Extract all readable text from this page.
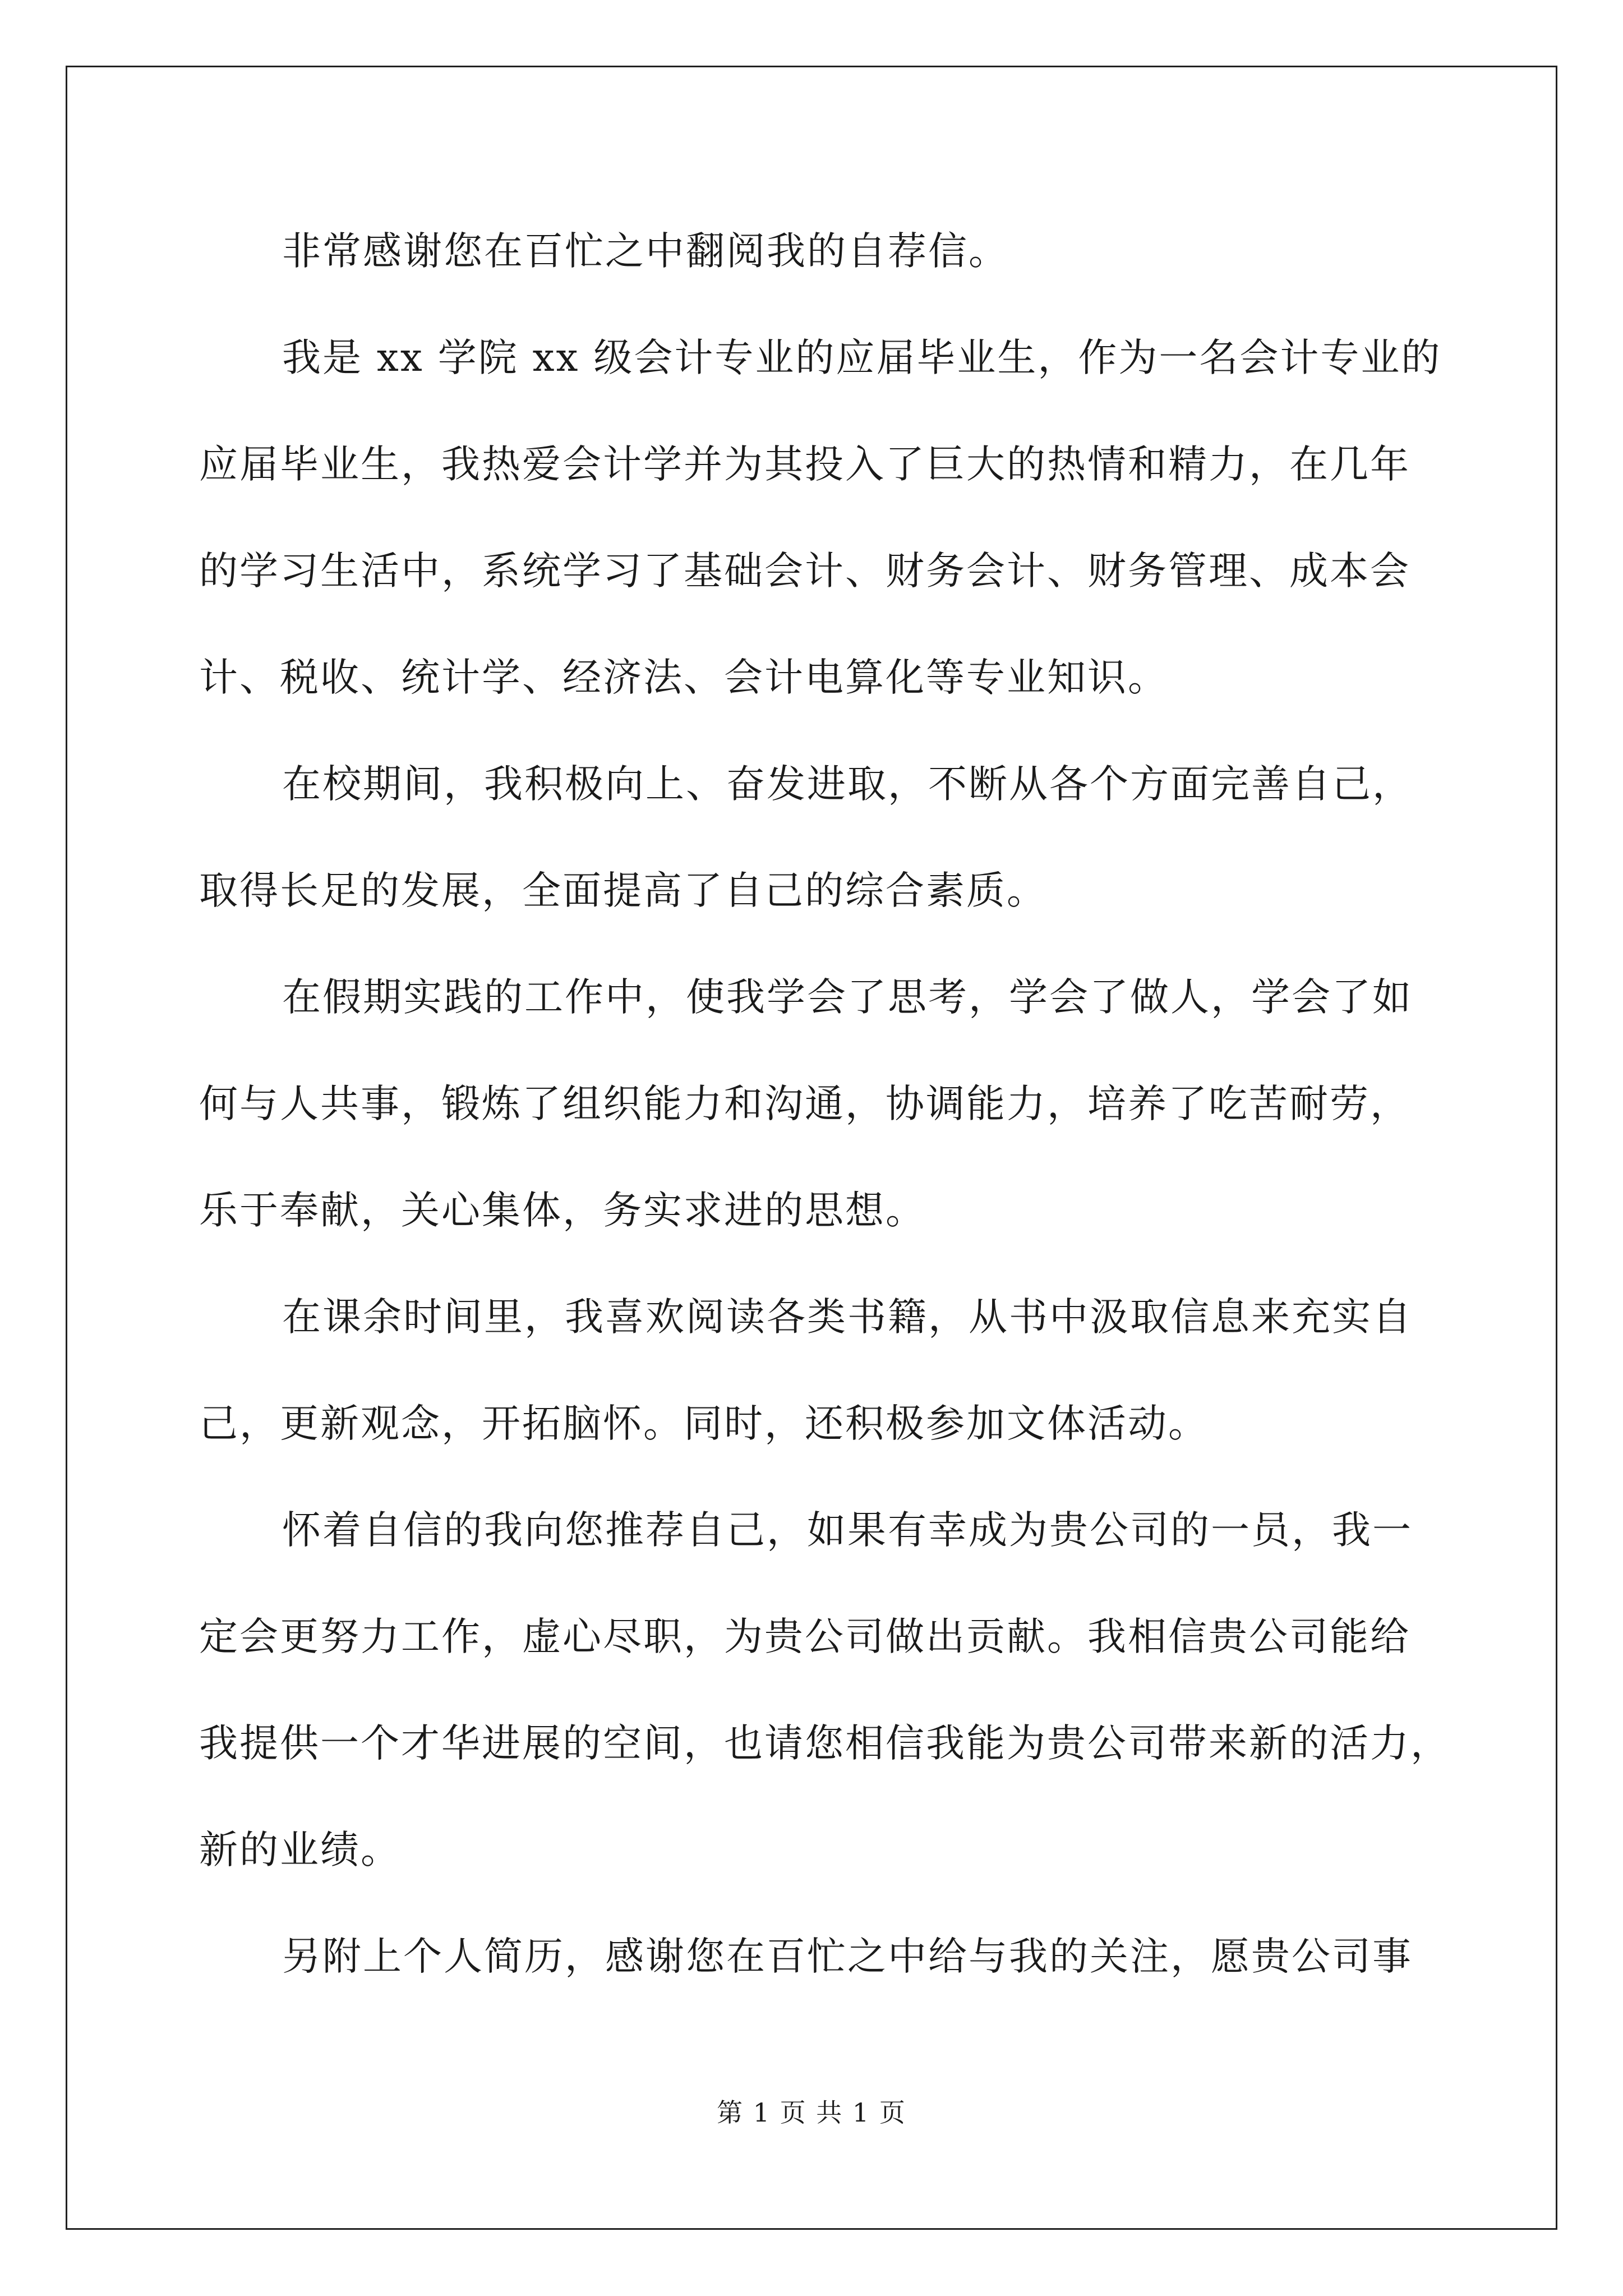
非常感谢您在百忙之中翻阅我的自荐信。
我是 xx 学院 xx 级会计专业的应届毕业生，作为一名会计专业的
应届毕业生，我热爱会计学并为其投入了巨大的热情和精力，在几年
的学习生活中，系统学习了基础会计、财务会计、财务管理、成本会
计、税收、统计学、经济法、会计电算化等专业知识。
在校期间，我积极向上、奋发进取，不断从各个方面完善自己，
取得长足的发展，全面提高了自己的综合素质。
在假期实践的工作中，使我学会了思考，学会了做人，学会了如
何与人共事，锻炼了组织能力和沟通，协调能力，培养了吃苦耐劳，
乐于奉献，关心集体，务实求进的思想。
在课余时间里，我喜欢阅读各类书籍，从书中汲取信息来充实自
己，更新观念，开拓脑怀。同时，还积极参加文体活动。
怀着自信的我向您推荐自己，如果有幸成为贵公司的一员，我一
定会更努力工作，虚心尽职，为贵公司做出贡献。我相信贵公司能给
我提供一个才华进展的空间，也请您相信我能为贵公司带来新的活力，
新的业绩。
另附上个人简历，感谢您在百忙之中给与我的关注，愿贵公司事
第 1 页 共 1 页
